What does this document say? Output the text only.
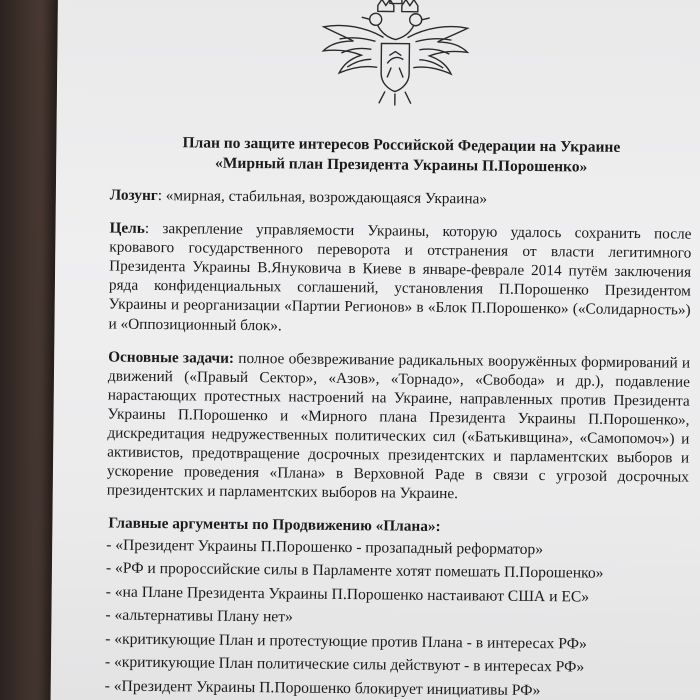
План по защите интересов Российской Федерации на Украине
«Мирный план Президента Украины П.Порошенко»

Лозунг: «мирная, стабильная, возрождающаяся Украина»

Цель: закрепление управляемости Украины, которую удалось сохранить после кровавого государственного переворота и отстранения от власти легитимного Президента Украины В.Януковича в Киеве в январе-феврале 2014 путём заключения ряда конфиденциальных соглашений, установления П.Порошенко Президентом Украины и реорганизации «Партии Регионов» в «Блок П.Порошенко» («Солидарность») и «Оппозиционный блок».

Основные задачи: полное обезвреживание радикальных вооружённых формирований и движений («Правый Сектор», «Азов», «Торнадо», «Свобода» и др.), подавление нарастающих протестных настроений на Украине, направленных против Президента Украины П.Порошенко и «Мирного плана Президента Украины П.Порошенко», дискредитация недружественных политических сил («Батькивщина», «Самопомоч») и активистов, предотвращение досрочных президентских и парламентских выборов и ускорение проведения «Плана» в Верховной Раде в связи с угрозой досрочных президентских и парламентских выборов на Украине.

Главные аргументы по Продвижению «Плана»:
- «Президент Украины П.Порошенко - прозападный реформатор»
- «РФ и пророссийские силы в Парламенте хотят помешать П.Порошенко»
- «на Плане Президента Украины П.Порошенко настаивают США и ЕС»
- «альтернативы Плану нет»
- «критикующие План и протестующие против Плана - в интересах РФ»
- «критикующие План политические силы действуют - в интересах РФ»
- «Президент Украины П.Порошенко блокирует инициативы РФ»
